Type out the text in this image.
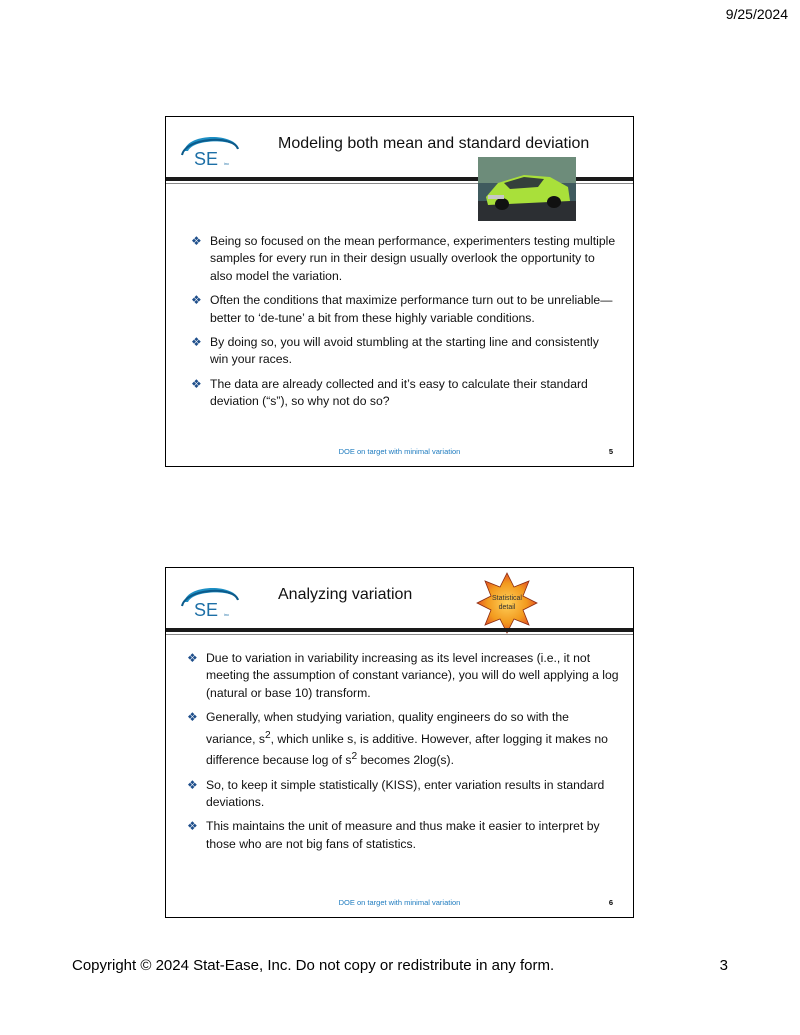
9/25/2024
SE inc
Modeling both mean and standard deviation
❖ Being so focused on the mean performance, experimenters testing multiple samples for every run in their design usually overlook the opportunity to also model the variation.
❖ Often the conditions that maximize performance turn out to be unreliable—better to ‘de-tune’ a bit from these highly variable conditions.
❖ By doing so, you will avoid stumbling at the starting line and consistently win your races.
❖ The data are already collected and it’s easy to calculate their standard deviation (“s”), so why not do so?
DOE on target with minimal variation	5
SE inc
Analyzing variation	Statistical
detail
❖ Due to variation in variability increasing as its level increases (i.e., it not meeting the assumption of constant variance), you will do well applying a log (natural or base 10) transform.
❖ Generally, when studying variation, quality engineers do so with the variance, $s^2$, which unlike s, is additive. However, after logging it makes no difference because log of $s^2$ becomes 2log(s).
❖ So, to keep it simple statistically (KISS), enter variation results in standard deviations.
❖ This maintains the unit of measure and thus make it easier to interpret by those who are not big fans of statistics.
DOE on target with minimal variation	6
Copyright © 2024 Stat-Ease, Inc. Do not copy or redistribute in any form.	3
